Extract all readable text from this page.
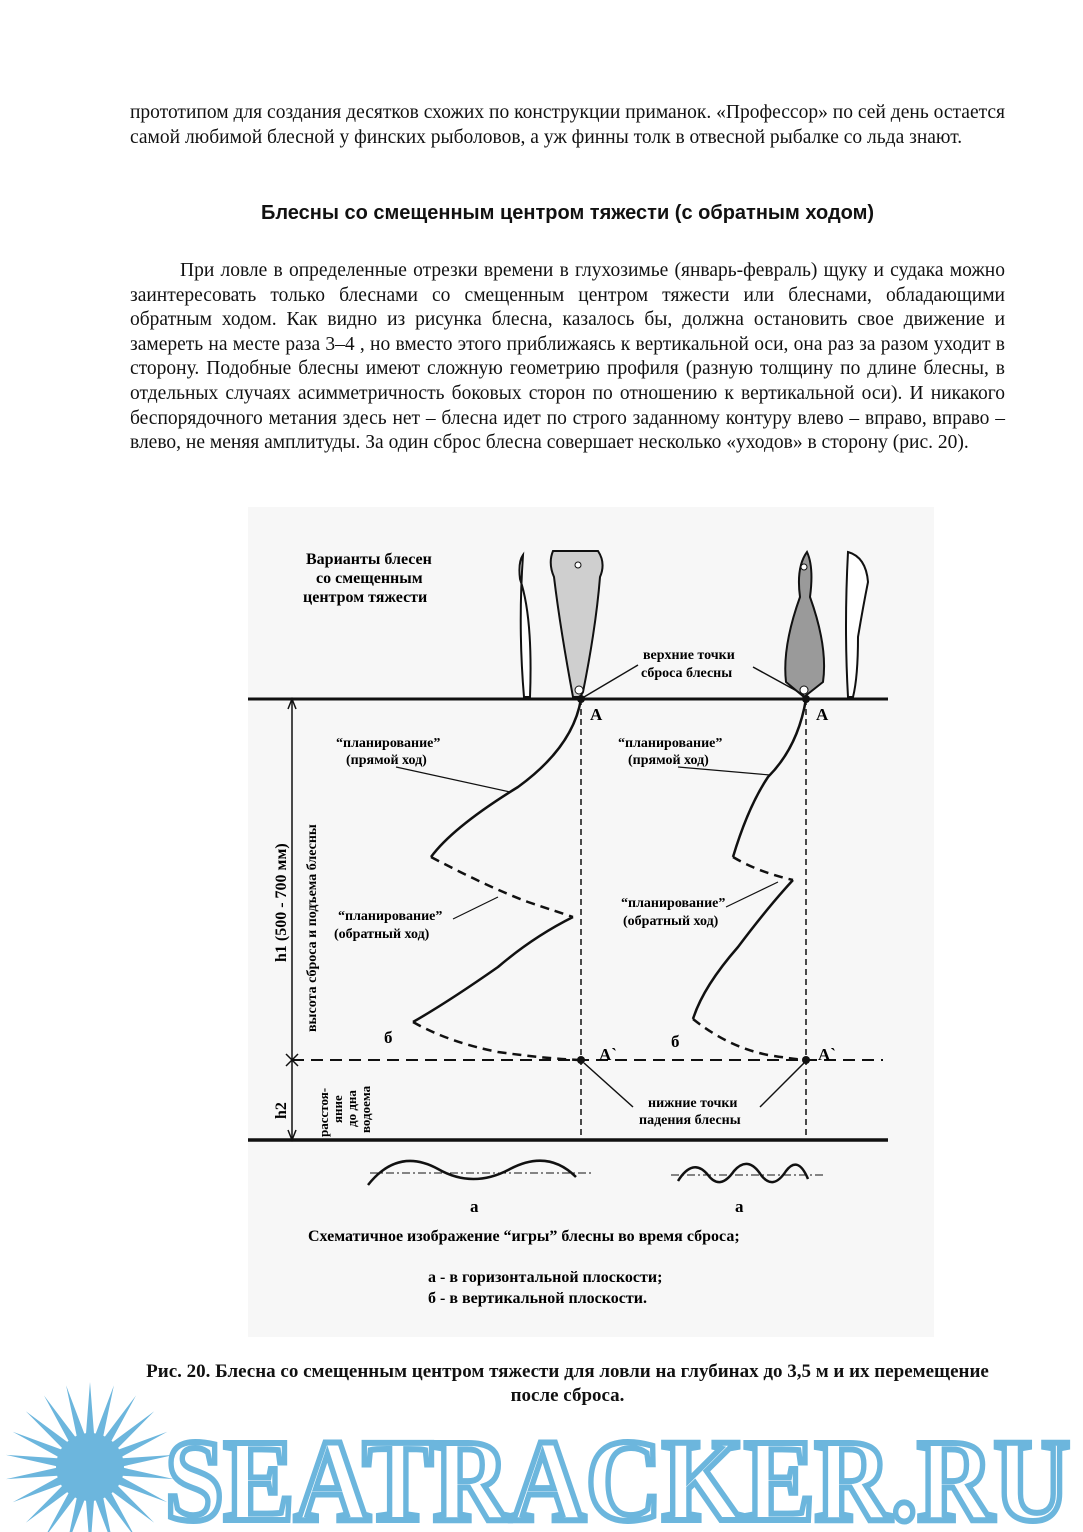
прототипом для создания десятков схожих по конструкции приманок. «Профессор» по сей день остается самой любимой блесной у финских рыболовов, а уж финны толк в отвесной рыбалке со льда знают.

Блесны со смещенным центром тяжести (с обратным ходом)

При ловле в определенные отрезки времени в глухозимье (январь-февраль) щуку и судака можно заинтересовать только блеснами со смещенным центром тяжести или блеснами, обладающими обратным ходом. Как видно из рисунка блесна, казалось бы, должна остановить свое движение и замереть на месте раза 3–4 , но вместо этого приближаясь к вертикальной оси, она раз за разом уходит в сторону. Подобные блесны имеют сложную геометрию профиля (разную толщину по длине блесны, в отдельных случаях асимметричность боковых сторон по отношению к вертикальной оси). И никакого беспорядочного метания здесь нет – блесна идет по строго заданному контуру влево – вправо, вправо – влево, не меняя амплитуды. За один сброс блесна совершает несколько «уходов» в сторону (рис. 20).

Варианты блесен
со смещенным
центром тяжести
верхние точки
сброса блесны
А	А
“планирование”
(прямой ход)
“планирование”
(обратный ход)
“планирование”
(прямой ход)
“планирование”
(обратный ход)
б	б
А`	А`
нижние точки
падения блесны
h1 (500 - 700 мм) высота сброса и подъема блесны
h2 расстоя- яние до дна водоема
а	а
Схематичное изображение “игры” блесны во время сброса;
а - в горизонтальной плоскости;
б - в вертикальной плоскости.

Рис. 20. Блесна со смещенным центром тяжести для ловли на глубинах до 3,5 м и их перемещение после сброса.

SEATRACKER.RU
